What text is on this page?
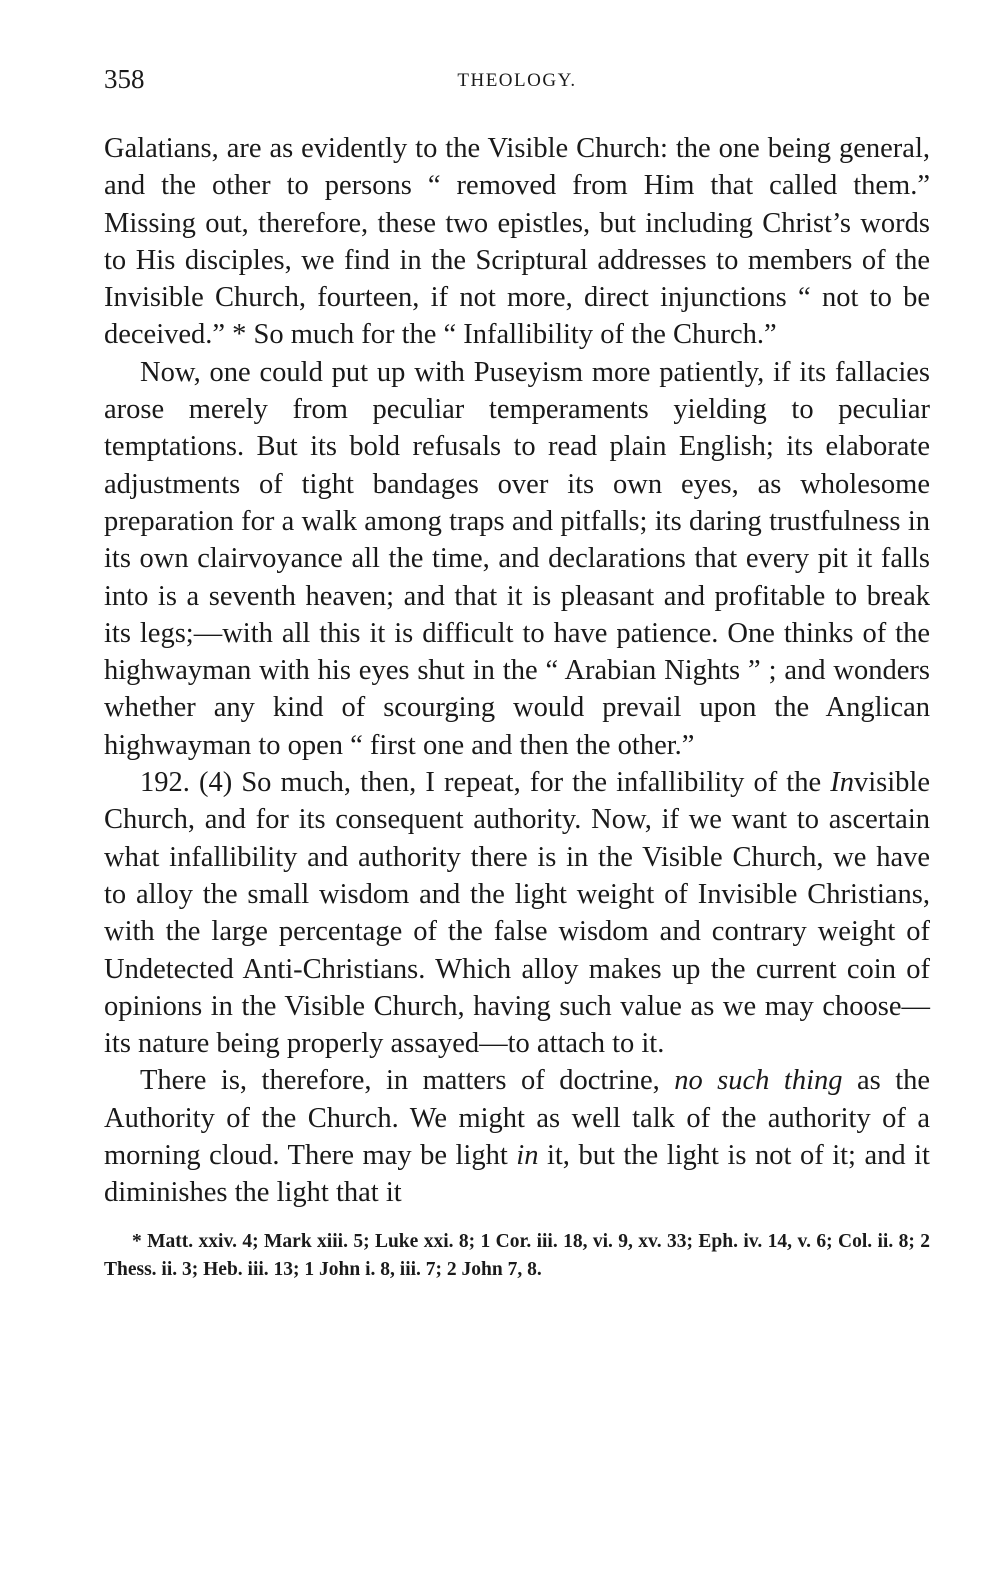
358	THEOLOGY.

Galatians, are as evidently to the Visible Church: the one being general, and the other to persons “ removed from Him that called them.” Missing out, therefore, these two epistles, but including Christ’s words to His disciples, we find in the Scriptural addresses to members of the Invisible Church, fourteen, if not more, direct injunctions “ not to be deceived.” * So much for the “ Infallibility of the Church.”

Now, one could put up with Puseyism more patiently, if its fallacies arose merely from peculiar temperaments yielding to peculiar temptations. But its bold refusals to read plain English; its elaborate adjustments of tight bandages over its own eyes, as wholesome preparation for a walk among traps and pitfalls; its daring trustfulness in its own clairvoyance all the time, and declarations that every pit it falls into is a seventh heaven; and that it is pleasant and profitable to break its legs;—with all this it is difficult to have patience. One thinks of the highwayman with his eyes shut in the “ Arabian Nights ” ; and wonders whether any kind of scourging would prevail upon the Anglican highwayman to open “ first one and then the other.”

192. (4) So much, then, I repeat, for the infallibility of the Invisible Church, and for its consequent authority. Now, if we want to ascertain what infallibility and authority there is in the Visible Church, we have to alloy the small wisdom and the light weight of Invisible Christians, with the large percentage of the false wisdom and contrary weight of Undetected Anti-Christians. Which alloy makes up the current coin of opinions in the Visible Church, having such value as we may choose—its nature being properly assayed—to attach to it.

There is, therefore, in matters of doctrine, no such thing as the Authority of the Church. We might as well talk of the authority of a morning cloud. There may be light in it, but the light is not of it; and it diminishes the light that it

* Matt. xxiv. 4; Mark xiii. 5; Luke xxi. 8; 1 Cor. iii. 18, vi. 9, xv. 33; Eph. iv. 14, v. 6; Col. ii. 8; 2 Thess. ii. 3; Heb. iii. 13; 1 John i. 8, iii. 7; 2 John 7, 8.
